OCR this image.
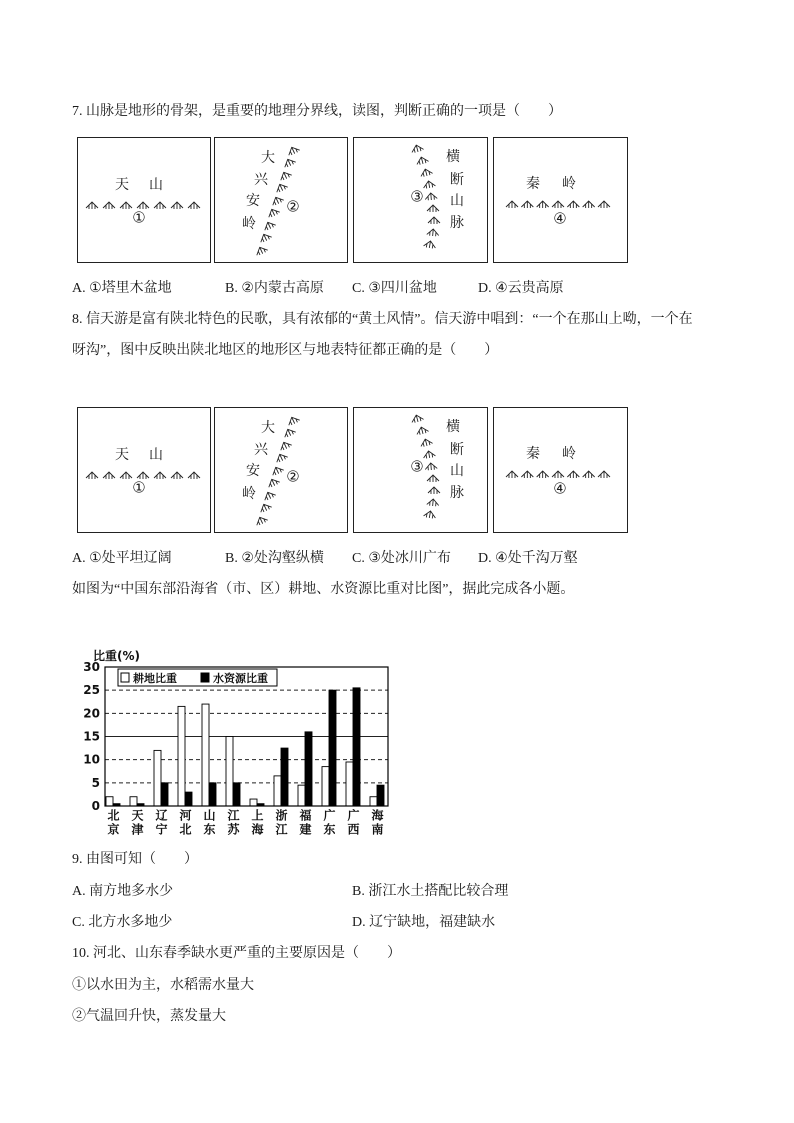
7. 山脉是地形的骨架，是重要的地理分界线，读图，判断正确的一项是（　　）
天 山
①
大
兴
安
岭
②
横
断
山
脉
③
秦 岭
④
A. ①塔里木盆地	B. ②内蒙古高原 C. ③四川盆地	D. ④云贵高原
8. 信天游是富有陕北特色的民歌，具有浓郁的“黄土风情”。信天游中唱到：“一个在那山上呦，一个在
呀沟”，图中反映出陕北地区的地形区与地表特征都正确的是（　　）
天 山
①
大
兴
安
岭
②
横
断
山
脉
③
秦 岭
④
A. ①处平坦辽阔	B. ②处沟壑纵横 C. ③处冰川广布 D. ④处千沟万壑
如图为“中国东部沿海省（市、区）耕地、水资源比重对比图”，据此完成各小题。
0
5
10
15
20
25
30
耕地比重	水资源比重
比重(%)
北京 天津 辽宁 河北 山东 江苏 上海 浙江 福建 广东 广西 海南
9. 由图可知（　　）
A. 南方地多水少	B. 浙江水土搭配比较合理
C. 北方水多地少	D. 辽宁缺地，福建缺水
10. 河北、山东春季缺水更严重的主要原因是（　　）
①以水田为主，水稻需水量大
②气温回升快，蒸发量大
